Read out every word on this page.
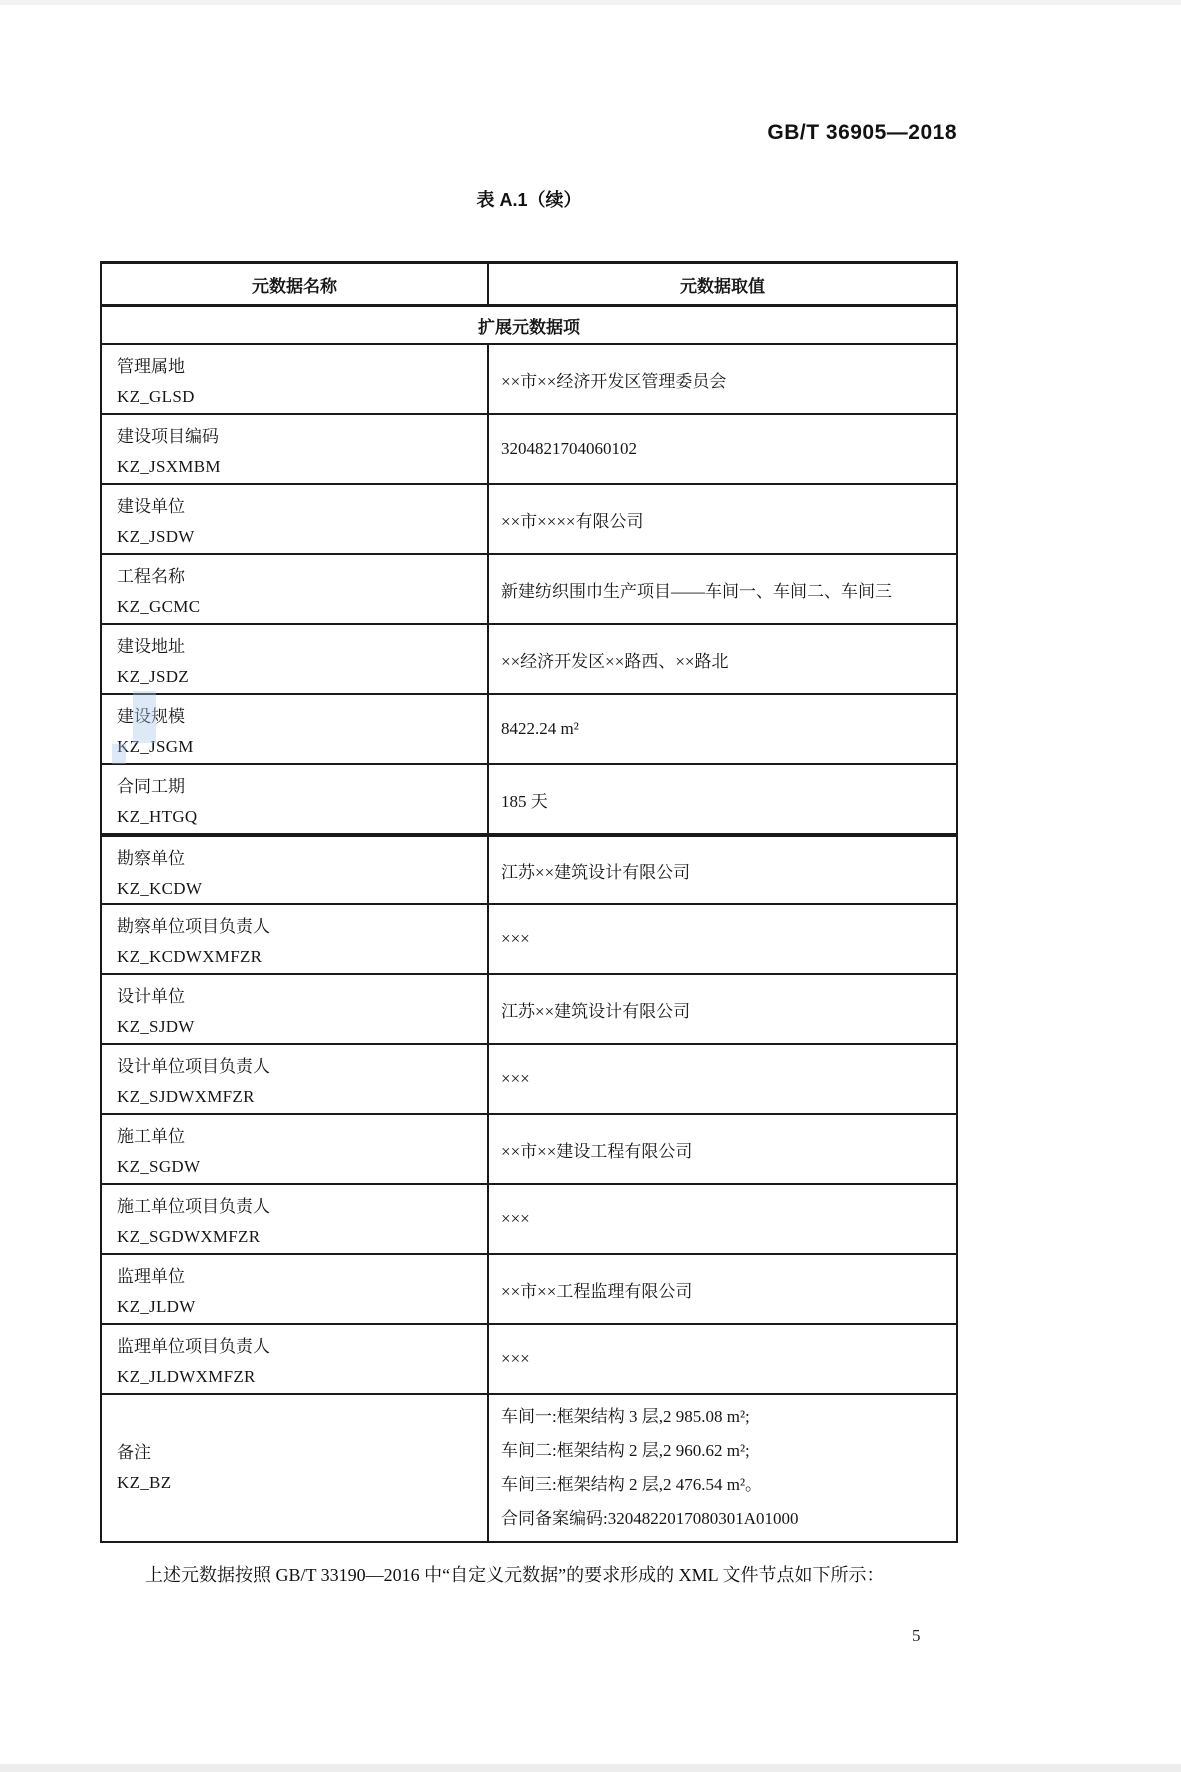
GB/T 36905—2018
表 A.1（续）
元数据名称	元数据取值
扩展元数据项
管理属地
KZ_GLSD
××市××经济开发区管理委员会
建设项目编码
KZ_JSXMBM
3204821704060102
建设单位
KZ_JSDW
××市××××有限公司
工程名称
KZ_GCMC
新建纺织围巾生产项目——车间一、车间二、车间三
建设地址
KZ_JSDZ
××经济开发区××路西、××路北
建设规模
KZ_JSGM
8422.24 m²
合同工期
KZ_HTGQ
185 天
勘察单位
KZ_KCDW
江苏××建筑设计有限公司
勘察单位项目负责人
KZ_KCDWXMFZR
×××
设计单位
KZ_SJDW
江苏××建筑设计有限公司
设计单位项目负责人
KZ_SJDWXMFZR
×××
施工单位
KZ_SGDW
××市××建设工程有限公司
施工单位项目负责人
KZ_SGDWXMFZR
×××
监理单位
KZ_JLDW
××市××工程监理有限公司
监理单位项目负责人
KZ_JLDWXMFZR
×××
备注
KZ_BZ
车间一:框架结构 3 层,2 985.08 m²;
车间二:框架结构 2 层,2 960.62 m²;
车间三:框架结构 2 层,2 476.54 m²。
合同备案编码:3204822017080301A01000

上述元数据按照 GB/T 33190—2016 中“自定义元数据”的要求形成的 XML 文件节点如下所示：

5
